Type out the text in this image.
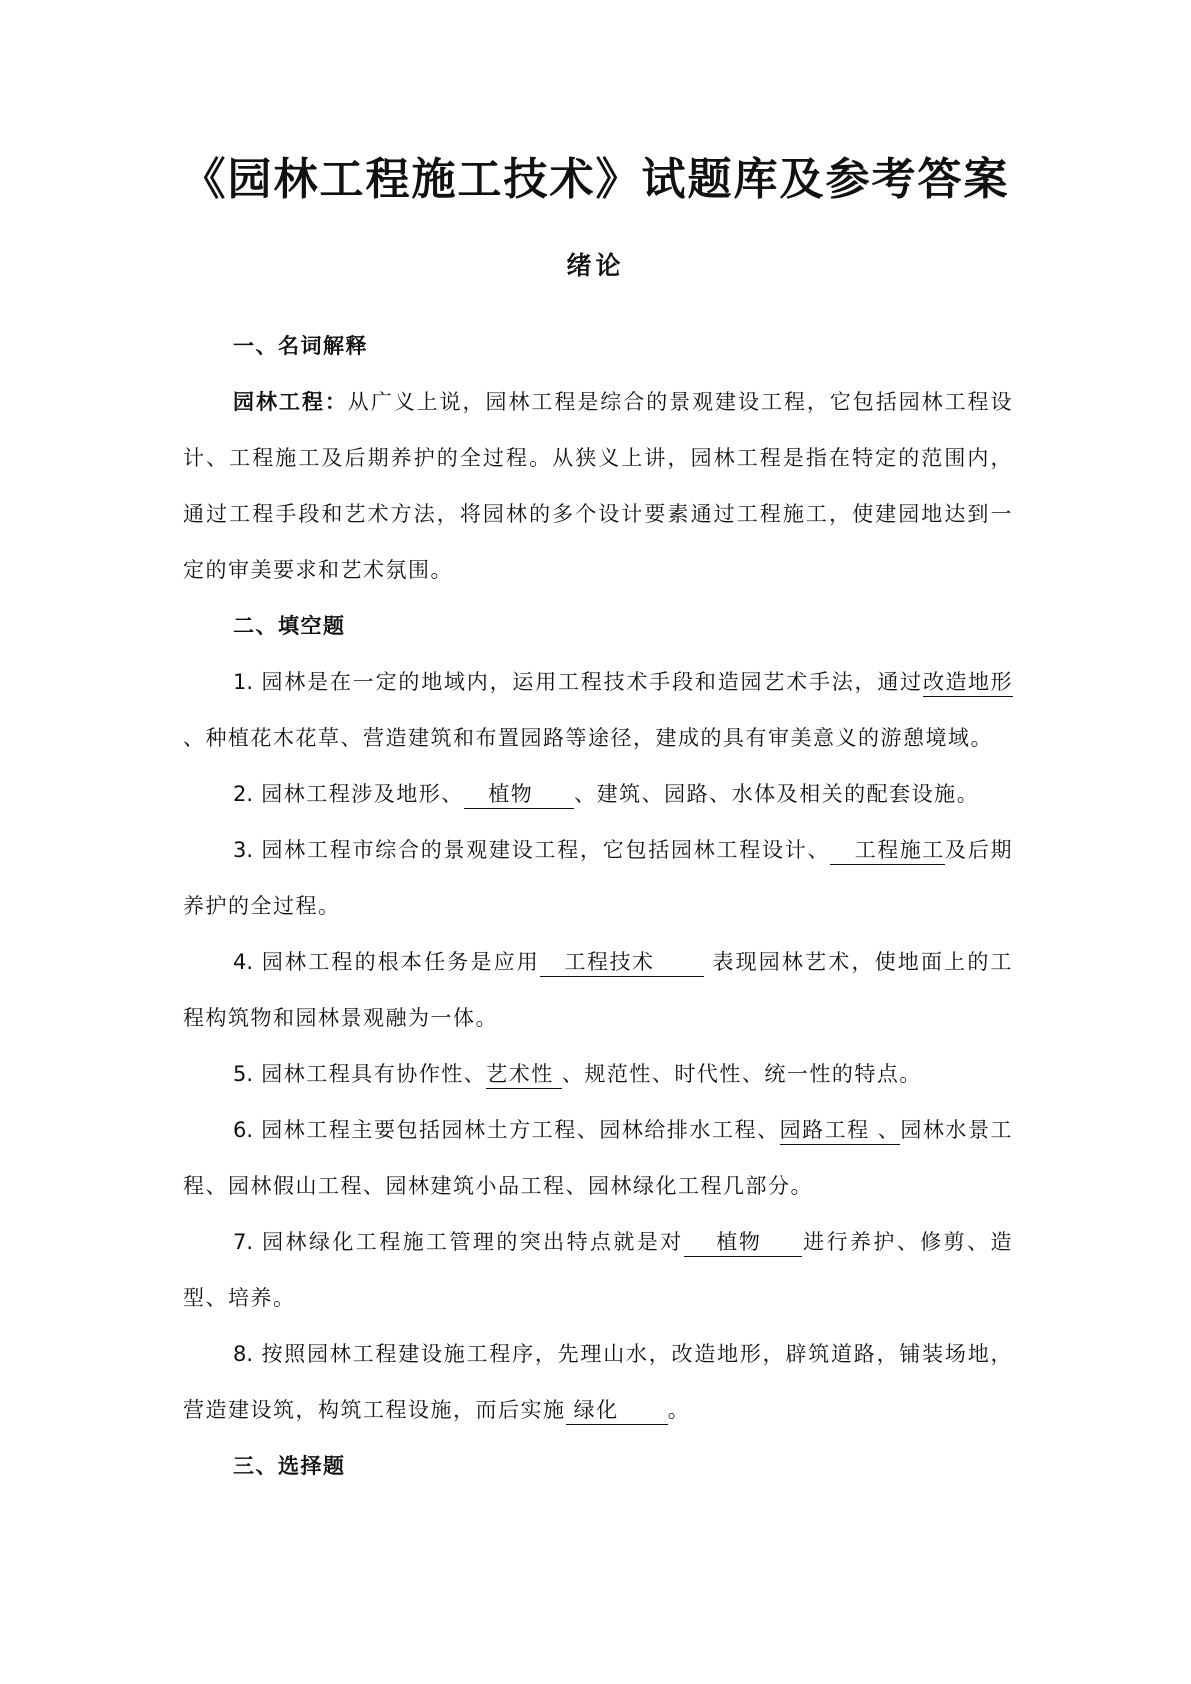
《园林工程施工技术》试题库及参考答案
绪论

一、名词解释

园林工程：从广义上说，园林工程是综合的景观建设工程，它包括园林工程设计、工程施工及后期养护的全过程。从狭义上讲，园林工程是指在特定的范围内，通过工程手段和艺术方法，将园林的多个设计要素通过工程施工，使建园地达到一定的审美要求和艺术氛围。

二、填空题

1. 园林是在一定的地域内，运用工程技术手段和造园艺术手法，通过改造地形、种植花木花草、营造建筑和布置园路等途径，建成的具有审美意义的游憩境域。

2. 园林工程涉及地形、   植物     、建筑、园路、水体及相关的配套设施。

3. 园林工程市综合的景观建设工程，它包括园林工程设计、   工程施工及后期养护的全过程。

4. 园林工程的根本任务是应用   工程技术       表现园林艺术，使地面上的工程构筑物和园林景观融为一体。

5. 园林工程具有协作性、艺术性 、规范性、时代性、统一性的特点。

6. 园林工程主要包括园林土方工程、园林给排水工程、园路工程 、园林水景工程、园林假山工程、园林建筑小品工程、园林绿化工程几部分。

7. 园林绿化工程施工管理的突出特点就是对    植物     进行养护、修剪、造型、培养。

8. 按照园林工程建设施工程序，先理山水，改造地形，辟筑道路，铺装场地，营造建设筑，构筑工程设施，而后实施 绿化      。

三、选择题
